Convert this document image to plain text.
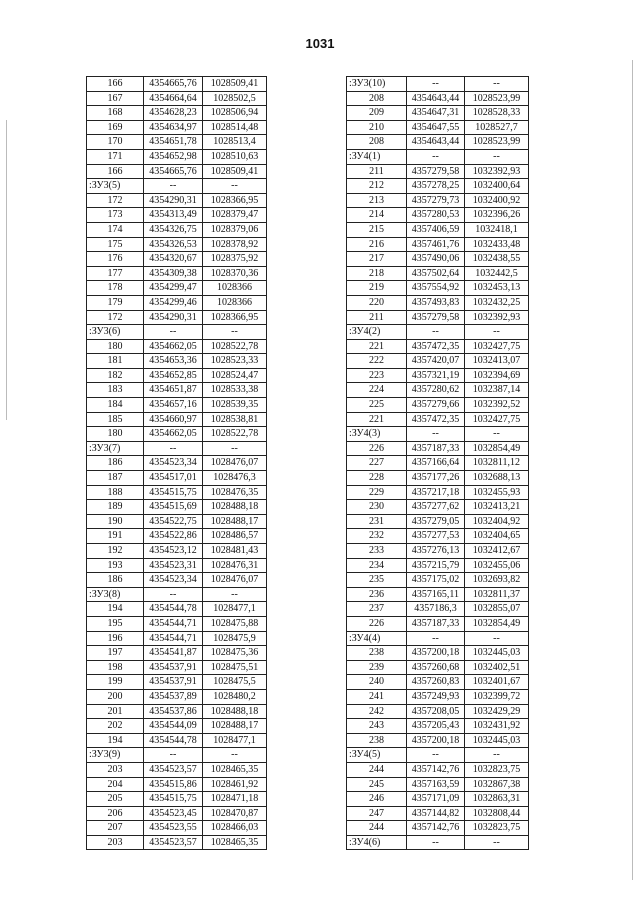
1031
166	4354665,76	1028509,41
167	4354664,64	1028502,5
168	4354628,23	1028506,94
169	4354634,97	1028514,48
170	4354651,78	1028513,4
171	4354652,98	1028510,63
166	4354665,76	1028509,41
:ЗУ3(5)	--	--
172	4354290,31	1028366,95
173	4354313,49	1028379,47
174	4354326,75	1028379,06
175	4354326,53	1028378,92
176	4354320,67	1028375,92
177	4354309,38	1028370,36
178	4354299,47	1028366
179	4354299,46	1028366
172	4354290,31	1028366,95
:ЗУ3(6)	--	--
180	4354662,05	1028522,78
181	4354653,36	1028523,33
182	4354652,85	1028524,47
183	4354651,87	1028533,38
184	4354657,16	1028539,35
185	4354660,97	1028538,81
180	4354662,05	1028522,78
:ЗУ3(7)	--	--
186	4354523,34	1028476,07
187	4354517,01	1028476,3
188	4354515,75	1028476,35
189	4354515,69	1028488,18
190	4354522,75	1028488,17
191	4354522,86	1028486,57
192	4354523,12	1028481,43
193	4354523,31	1028476,31
186	4354523,34	1028476,07
:ЗУ3(8)	--	--
194	4354544,78	1028477,1
195	4354544,71	1028475,88
196	4354544,71	1028475,9
197	4354541,87	1028475,36
198	4354537,91	1028475,51
199	4354537,91	1028475,5
200	4354537,89	1028480,2
201	4354537,86	1028488,18
202	4354544,09	1028488,17
194	4354544,78	1028477,1
:ЗУ3(9)	--	--
203	4354523,57	1028465,35
204	4354515,86	1028461,92
205	4354515,75	1028471,18
206	4354523,45	1028470,87
207	4354523,55	1028466,03
203	4354523,57	1028465,35
:ЗУ3(10)	--	--
208	4354643,44	1028523,99
209	4354647,31	1028528,33
210	4354647,55	1028527,7
208	4354643,44	1028523,99
:ЗУ4(1)	--	--
211	4357279,58	1032392,93
212	4357278,25	1032400,64
213	4357279,73	1032400,92
214	4357280,53	1032396,26
215	4357406,59	1032418,1
216	4357461,76	1032433,48
217	4357490,06	1032438,55
218	4357502,64	1032442,5
219	4357554,92	1032453,13
220	4357493,83	1032432,25
211	4357279,58	1032392,93
:ЗУ4(2)	--	--
221	4357472,35	1032427,75
222	4357420,07	1032413,07
223	4357321,19	1032394,69
224	4357280,62	1032387,14
225	4357279,66	1032392,52
221	4357472,35	1032427,75
:ЗУ4(3)	--	--
226	4357187,33	1032854,49
227	4357166,64	1032811,12
228	4357177,26	1032688,13
229	4357217,18	1032455,93
230	4357277,62	1032413,21
231	4357279,05	1032404,92
232	4357277,53	1032404,65
233	4357276,13	1032412,67
234	4357215,79	1032455,06
235	4357175,02	1032693,82
236	4357165,11	1032811,37
237	4357186,3	1032855,07
226	4357187,33	1032854,49
:ЗУ4(4)	--	--
238	4357200,18	1032445,03
239	4357260,68	1032402,51
240	4357260,83	1032401,67
241	4357249,93	1032399,72
242	4357208,05	1032429,29
243	4357205,43	1032431,92
238	4357200,18	1032445,03
:ЗУ4(5)	--	--
244	4357142,76	1032823,75
245	4357163,59	1032867,38
246	4357171,09	1032863,31
247	4357144,82	1032808,44
244	4357142,76	1032823,75
:ЗУ4(6)	--	--
